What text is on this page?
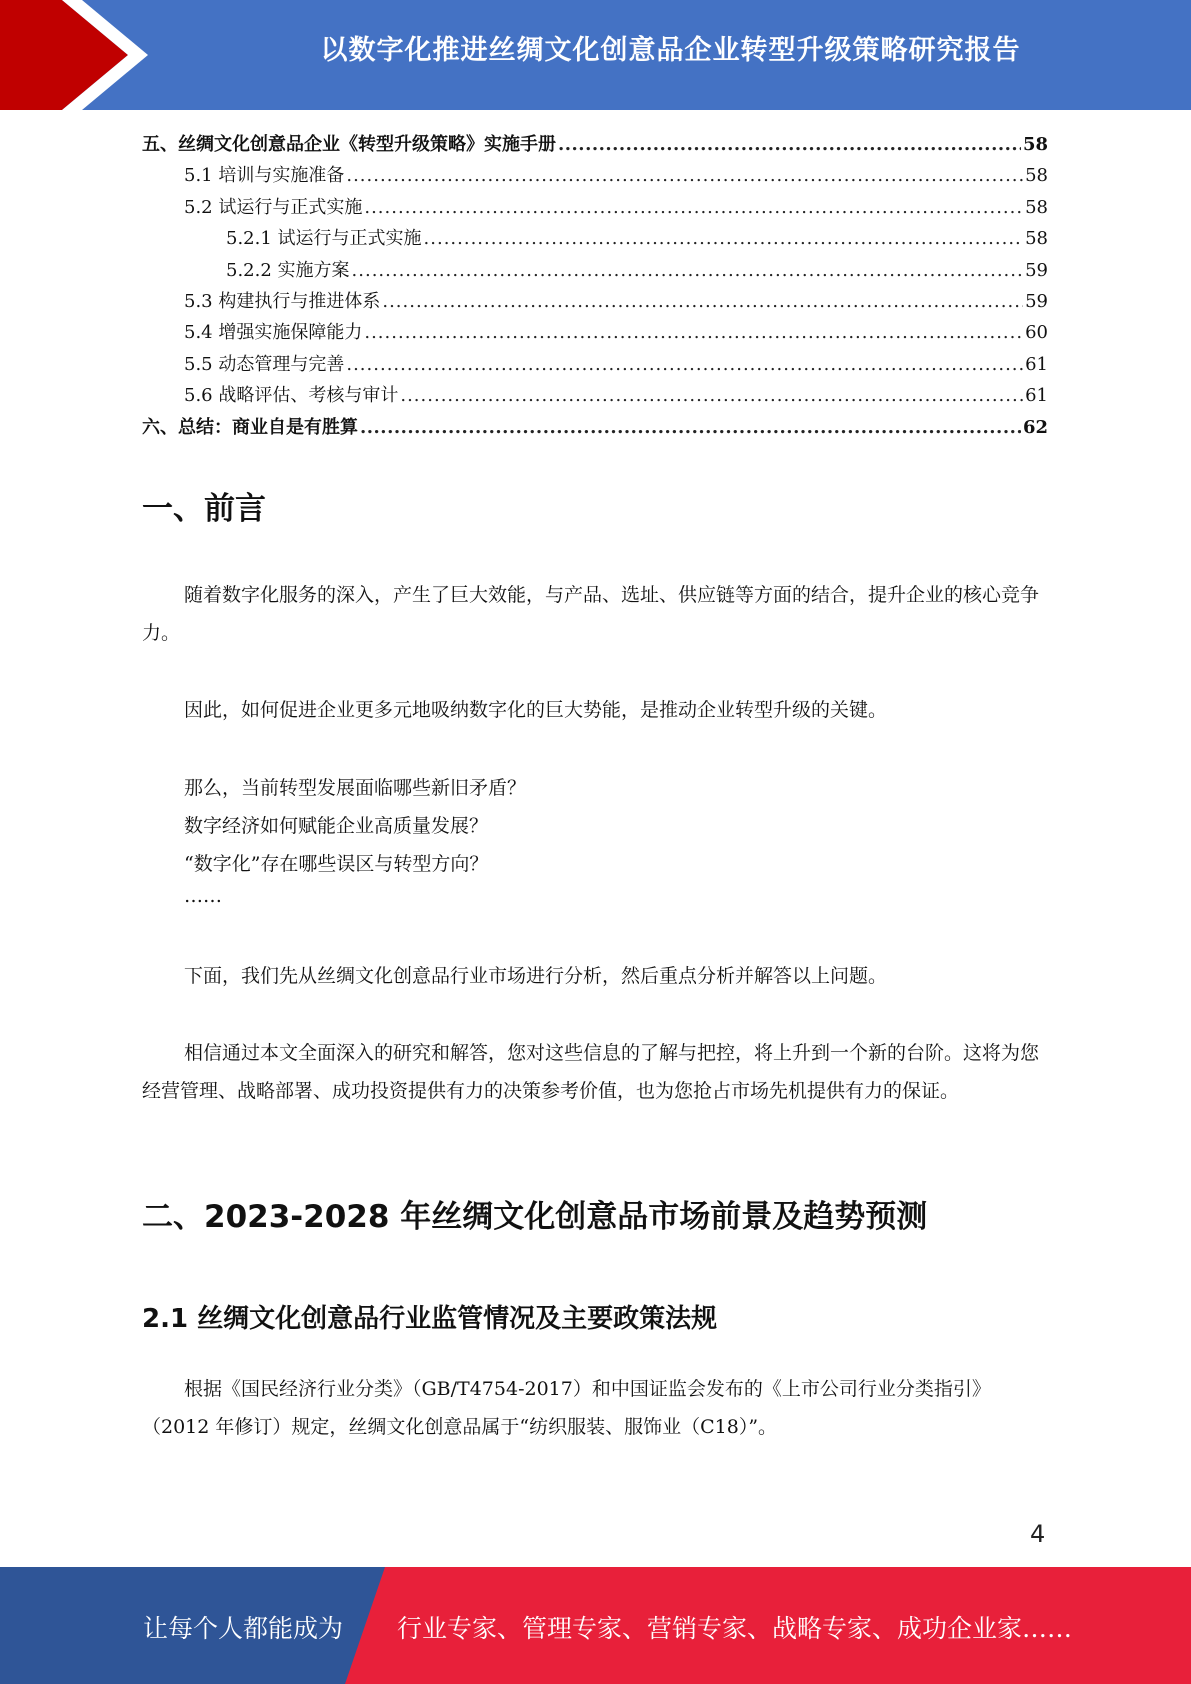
以数字化推进丝绸文化创意品企业转型升级策略研究报告
五、丝绸文化创意品企业《转型升级策略》实施手册 .....	58
5.1 培训与实施准备 .....	58
5.2 试运行与正式实施 .....	58
5.2.1 试运行与正式实施 .....	58
5.2.2 实施方案 .....	59
5.3 构建执行与推进体系 .....	59
5.4 增强实施保障能力 .....	60
5.5 动态管理与完善 .....	61
5.6 战略评估、考核与审计 .....	61
六、总结：商业自是有胜算 .....	62
一、前言

随着数字化服务的深入，产生了巨大效能，与产品、选址、供应链等方面的结合，提升企业的核心竞争力。

因此，如何促进企业更多元地吸纳数字化的巨大势能，是推动企业转型升级的关键。

那么，当前转型发展面临哪些新旧矛盾？

数字经济如何赋能企业高质量发展？

“数字化”存在哪些误区与转型方向？

……

下面，我们先从丝绸文化创意品行业市场进行分析，然后重点分析并解答以上问题。

相信通过本文全面深入的研究和解答，您对这些信息的了解与把控，将上升到一个新的台阶。这将为您经营管理、战略部署、成功投资提供有力的决策参考价值，也为您抢占市场先机提供有力的保证。

二、2023-2028 年丝绸文化创意品市场前景及趋势预测
2.1 丝绸文化创意品行业监管情况及主要政策法规

根据《国民经济行业分类》（GB/T4754-2017）和中国证监会发布的《上市公司行业分类指引》（2012 年修订）规定，丝绸文化创意品属于“纺织服装、服饰业（C18）”。

4
让每个人都能成为 行业专家、管理专家、营销专家、战略专家、成功企业家……
